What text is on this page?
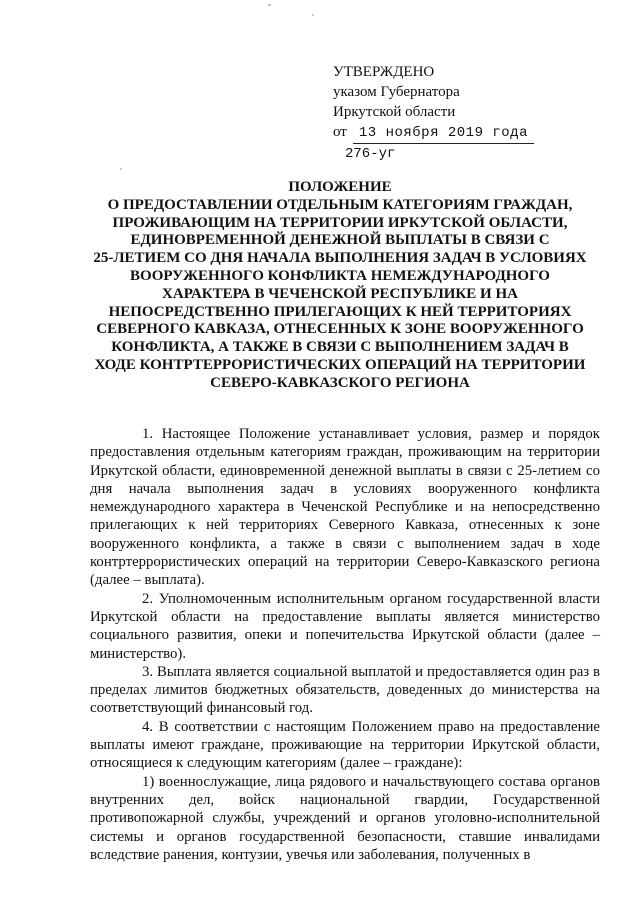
УТВЕРЖДЕНО
указом Губернатора
Иркутской области
от 13 ноября 2019 года
276-уг
ПОЛОЖЕНИЕ
О ПРЕДОСТАВЛЕНИИ ОТДЕЛЬНЫМ КАТЕГОРИЯМ ГРАЖДАН,
ПРОЖИВАЮЩИМ НА ТЕРРИТОРИИ ИРКУТСКОЙ ОБЛАСТИ,
ЕДИНОВРЕМЕННОЙ ДЕНЕЖНОЙ ВЫПЛАТЫ В СВЯЗИ С
25-ЛЕТИЕМ СО ДНЯ НАЧАЛА ВЫПОЛНЕНИЯ ЗАДАЧ В УСЛОВИЯХ
ВООРУЖЕННОГО КОНФЛИКТА НЕМЕЖДУНАРОДНОГО
ХАРАКТЕРА В ЧЕЧЕНСКОЙ РЕСПУБЛИКЕ И НА
НЕПОСРЕДСТВЕННО ПРИЛЕГАЮЩИХ К НЕЙ ТЕРРИТОРИЯХ
СЕВЕРНОГО КАВКАЗА, ОТНЕСЕННЫХ К ЗОНЕ ВООРУЖЕННОГО
КОНФЛИКТА, А ТАКЖЕ В СВЯЗИ С ВЫПОЛНЕНИЕМ ЗАДАЧ В
ХОДЕ КОНТРТЕРРОРИСТИЧЕСКИХ ОПЕРАЦИЙ НА ТЕРРИТОРИИ
СЕВЕРО-КАВКАЗСКОГО РЕГИОНА

1. Настоящее Положение устанавливает условия, размер и порядок предоставления отдельным категориям граждан, проживающим на территории Иркутской области, единовременной денежной выплаты в связи с 25-летием со дня начала выполнения задач в условиях вооруженного конфликта немеждународного характера в Чеченской Республике и на непосредственно прилегающих к ней территориях Северного Кавказа, отнесенных к зоне вооруженного конфликта, а также в связи с выполнением задач в ходе контртеррористических операций на территории Северо-Кавказского региона (далее – выплата).

2. Уполномоченным исполнительным органом государственной власти Иркутской области на предоставление выплаты является министерство социального развития, опеки и попечительства Иркутской области (далее – министерство).

3. Выплата является социальной выплатой и предоставляется один раз в пределах лимитов бюджетных обязательств, доведенных до министерства на соответствующий финансовый год.

4. В соответствии с настоящим Положением право на предоставление выплаты имеют граждане, проживающие на территории Иркутской области, относящиеся к следующим категориям (далее – граждане):

1) военнослужащие, лица рядового и начальствующего состава органов внутренних дел, войск национальной гвардии, Государственной противопожарной службы, учреждений и органов уголовно-исполнительной системы и органов государственной безопасности, ставшие инвалидами вследствие ранения, контузии, увечья или заболевания, полученных в
